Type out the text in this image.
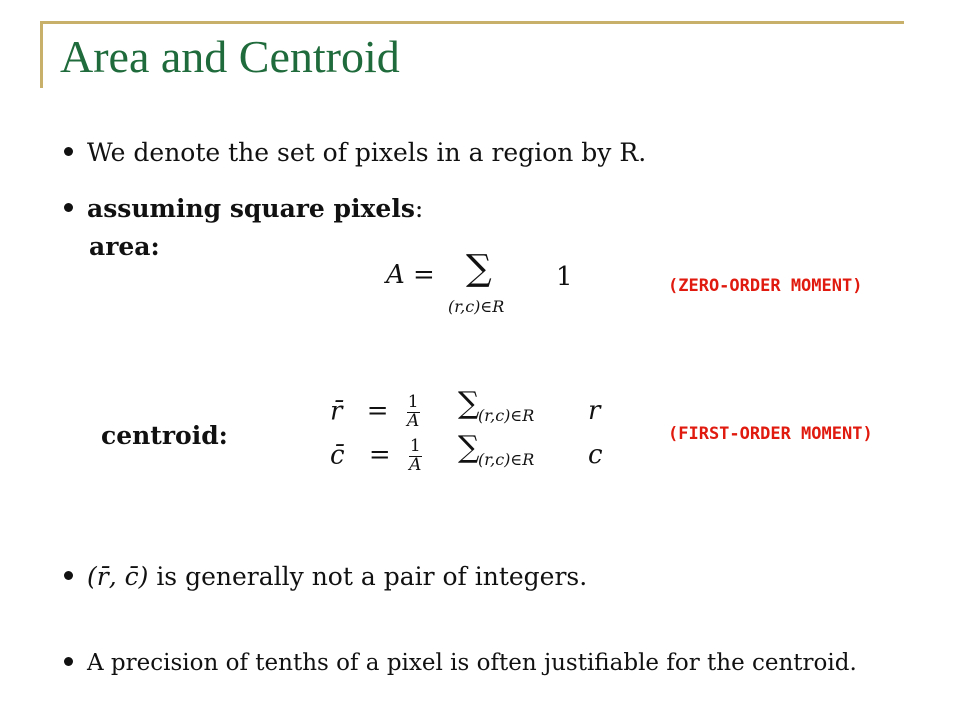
Area and Centroid
We denote the set of pixels in a region by R.
assuming square pixels:
area:
A = ∑
(r,c)∈R
1	(ZERO-ORDER MOMENT)
centroid:
r̄ = $\frac{1}{A}$ ∑
(r,c)∈R r
c̄ = $\frac{1}{A}$ ∑
(r,c)∈R c
(FIRST-ORDER MOMENT)
(r̄, c̄) is generally not a pair of integers.
A precision of tenths of a pixel is often justifiable for the centroid.
